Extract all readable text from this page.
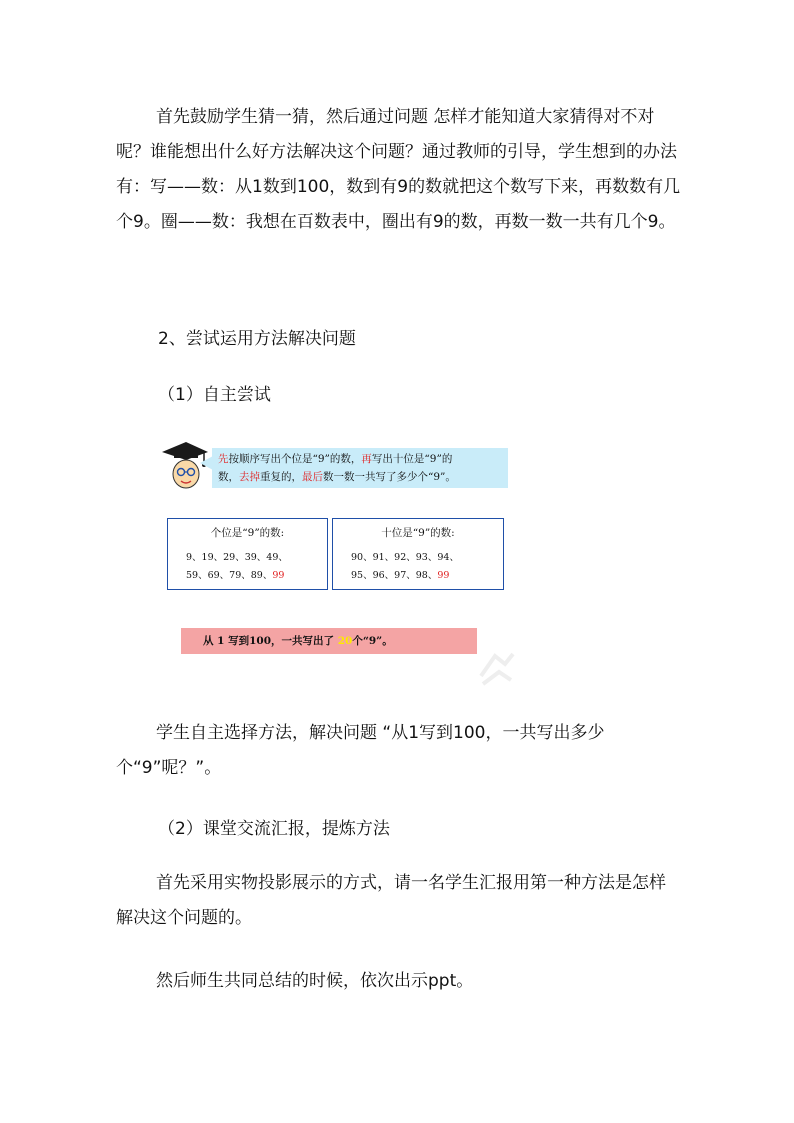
首先鼓励学生猜一猜，然后通过问题 怎样才能知道大家猜得对不对呢？谁能想出什么好方法解决这个问题？通过教师的引导，学生想到的办法有：写——数：从1数到100，数到有9的数就把这个数写下来，再数数有几个9。圈——数：我想在百数表中，圈出有9的数，再数一数一共有几个9。

2、尝试运用方法解决问题

（1）自主尝试

先按顺序写出个位是“9”的数，再写出十位是“9”的
数，去掉重复的，最后数一数一共写了多少个“9”。
个位是“9”的数:
9、19、29、39、49、
59、69、79、89、99
十位是“9”的数:
90、91、92、93、94、
95、96、97、98、99
从 1 写到100，一共写出了 20个“9”。

学生自主选择方法，解决问题 “从1写到100，一共写出多少个“9”呢？”。

（2）课堂交流汇报，提炼方法

首先采用实物投影展示的方式，请一名学生汇报用第一种方法是怎样解决这个问题的。

然后师生共同总结的时候，依次出示ppt。
